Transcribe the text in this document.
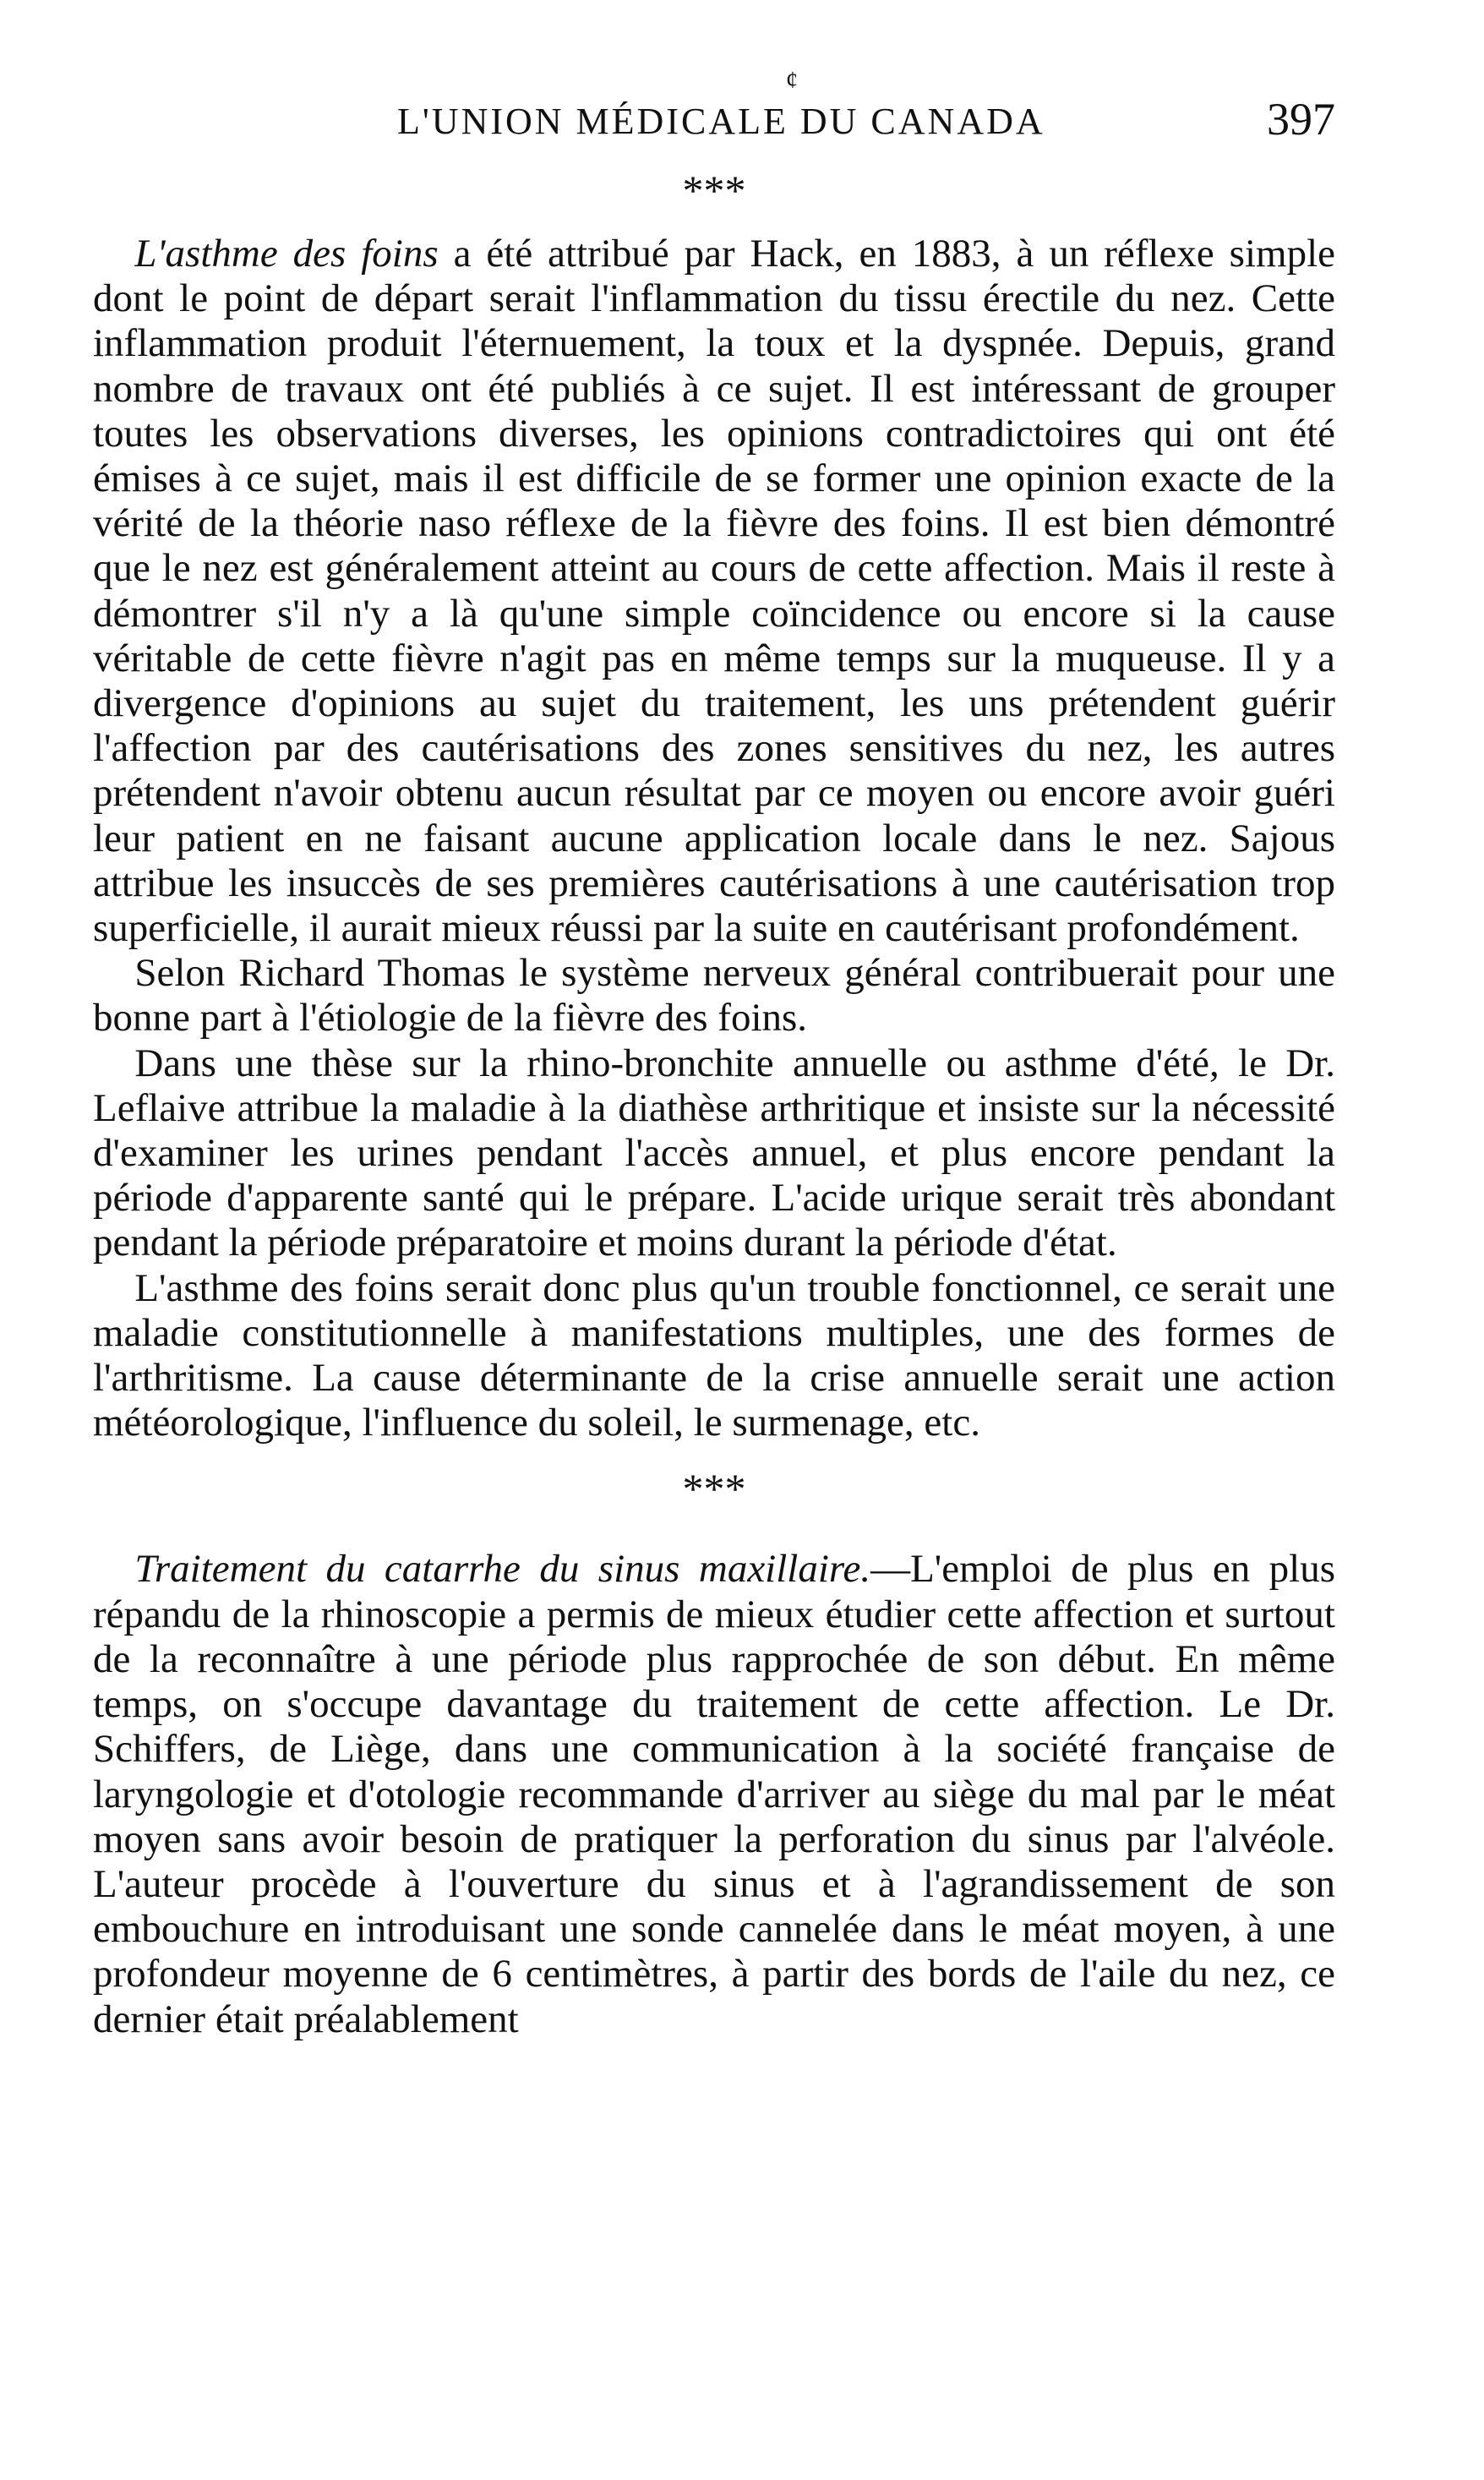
¢
L'UNION MÉDICALE DU CANADA	397
***

L'asthme des foins a été attribué par Hack, en 1883, à un réflexe simple dont le point de départ serait l'inflammation du tissu érectile du nez. Cette inflammation produit l'éternuement, la toux et la dyspnée. Depuis, grand nombre de travaux ont été publiés à ce sujet. Il est intéressant de grouper toutes les observations diverses, les opinions contradictoires qui ont été émises à ce sujet, mais il est difficile de se former une opinion exacte de la vérité de la théorie naso réflexe de la fièvre des foins. Il est bien démontré que le nez est généralement atteint au cours de cette affection. Mais il reste à démontrer s'il n'y a là qu'une simple coïncidence ou encore si la cause véritable de cette fièvre n'agit pas en même temps sur la muqueuse. Il y a divergence d'opinions au sujet du traitement, les uns prétendent guérir l'affection par des cautérisations des zones sensitives du nez, les autres prétendent n'avoir obtenu aucun résultat par ce moyen ou encore avoir guéri leur patient en ne faisant aucune application locale dans le nez. Sajous attribue les insuccès de ses premières cautérisations à une cautérisation trop superficielle, il aurait mieux réussi par la suite en cautérisant profondément.

Selon Richard Thomas le système nerveux général contribuerait pour une bonne part à l'étiologie de la fièvre des foins.

Dans une thèse sur la rhino-bronchite annuelle ou asthme d'été, le Dr. Leflaive attribue la maladie à la diathèse arthritique et insiste sur la nécessité d'examiner les urines pendant l'accès annuel, et plus encore pendant la période d'apparente santé qui le prépare. L'acide urique serait très abondant pendant la période préparatoire et moins durant la période d'état.

L'asthme des foins serait donc plus qu'un trouble fonctionnel, ce serait une maladie constitutionnelle à manifestations multiples, une des formes de l'arthritisme. La cause déterminante de la crise annuelle serait une action météorologique, l'influence du soleil, le surmenage, etc.

***

Traitement du catarrhe du sinus maxillaire.—L'emploi de plus en plus répandu de la rhinoscopie a permis de mieux étudier cette affection et surtout de la reconnaître à une période plus rapprochée de son début. En même temps, on s'occupe davantage du traitement de cette affection. Le Dr. Schiffers, de Liège, dans une communication à la société française de laryngologie et d'otologie recommande d'arriver au siège du mal par le méat moyen sans avoir besoin de pratiquer la perforation du sinus par l'alvéole. L'auteur procède à l'ouverture du sinus et à l'agrandissement de son embouchure en introduisant une sonde cannelée dans le méat moyen, à une profondeur moyenne de 6 centimètres, à partir des bords de l'aile du nez, ce dernier était préalablement
